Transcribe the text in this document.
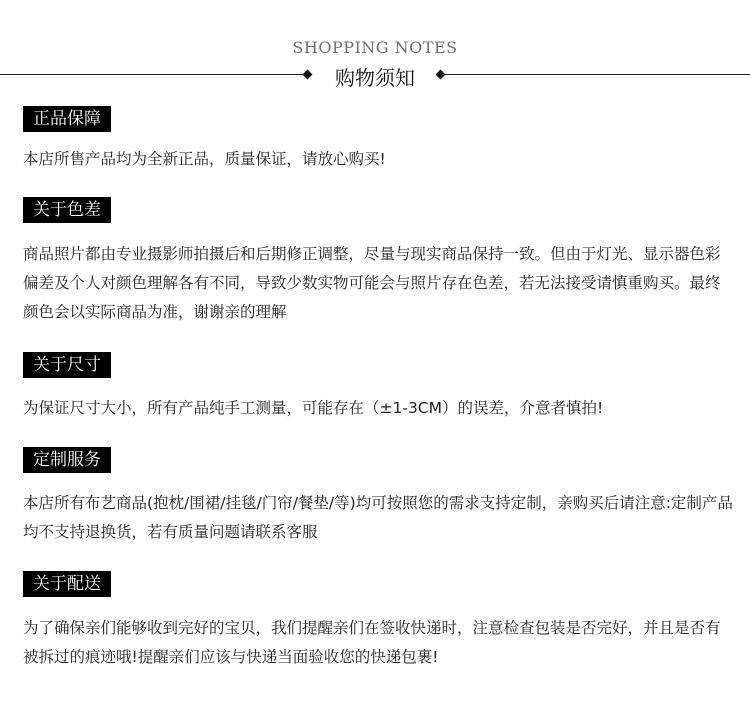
SHOPPING NOTES
购物须知
正品保障
本店所售产品均为全新正品，质量保证，请放心购买!
关于色差
商品照片都由专业摄影师拍摄后和后期修正调整，尽量与现实商品保持一致。但由于灯光、显示器色彩偏差及个人对颜色理解各有不同，导致少数实物可能会与照片存在色差，若无法接受请慎重购买。最终颜色会以实际商品为准，谢谢亲的理解
关于尺寸
为保证尺寸大小，所有产品纯手工测量，可能存在（±1-3CM）的误差，介意者慎拍!
定制服务
本店所有布艺商品(抱枕/围裙/挂毯/门帘/餐垫/等)均可按照您的需求支持定制，亲购买后请注意:定制产品均不支持退换货，若有质量问题请联系客服
关于配送
为了确保亲们能够收到完好的宝贝，我们提醒亲们在签收快递时，注意检查包装是否完好，并且是否有被拆过的痕迹哦!提醒亲们应该与快递当面验收您的快递包裹!
